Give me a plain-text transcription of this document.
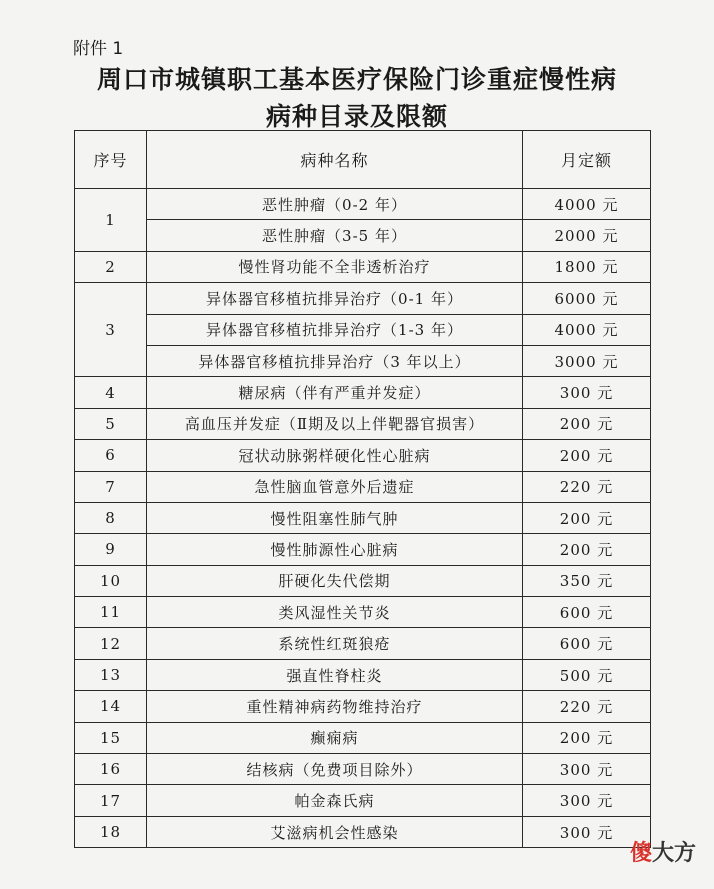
附件 1
周口市城镇职工基本医疗保险门诊重症慢性病
病种目录及限额
序号	病种名称	月定额
1	恶性肿瘤（0-2 年）	4000 元
	恶性肿瘤（3-5 年）	2000 元
2	慢性肾功能不全非透析治疗	1800 元
3	异体器官移植抗排异治疗（0-1 年）	6000 元
	异体器官移植抗排异治疗（1-3 年）	4000 元
	异体器官移植抗排异治疗（3 年以上）	3000 元
4	糖尿病（伴有严重并发症）	300 元
5	高血压并发症（Ⅱ期及以上伴靶器官损害）	200 元
6	冠状动脉粥样硬化性心脏病	200 元
7	急性脑血管意外后遗症	220 元
8	慢性阻塞性肺气肿	200 元
9	慢性肺源性心脏病	200 元
10	肝硬化失代偿期	350 元
11	类风湿性关节炎	600 元
12	系统性红斑狼疮	600 元
13	强直性脊柱炎	500 元
14	重性精神病药物维持治疗	220 元
15	癫痫病	200 元
16	结核病（免费项目除外）	300 元
17	帕金森氏病	300 元
18	艾滋病机会性感染	300 元
傻大方
